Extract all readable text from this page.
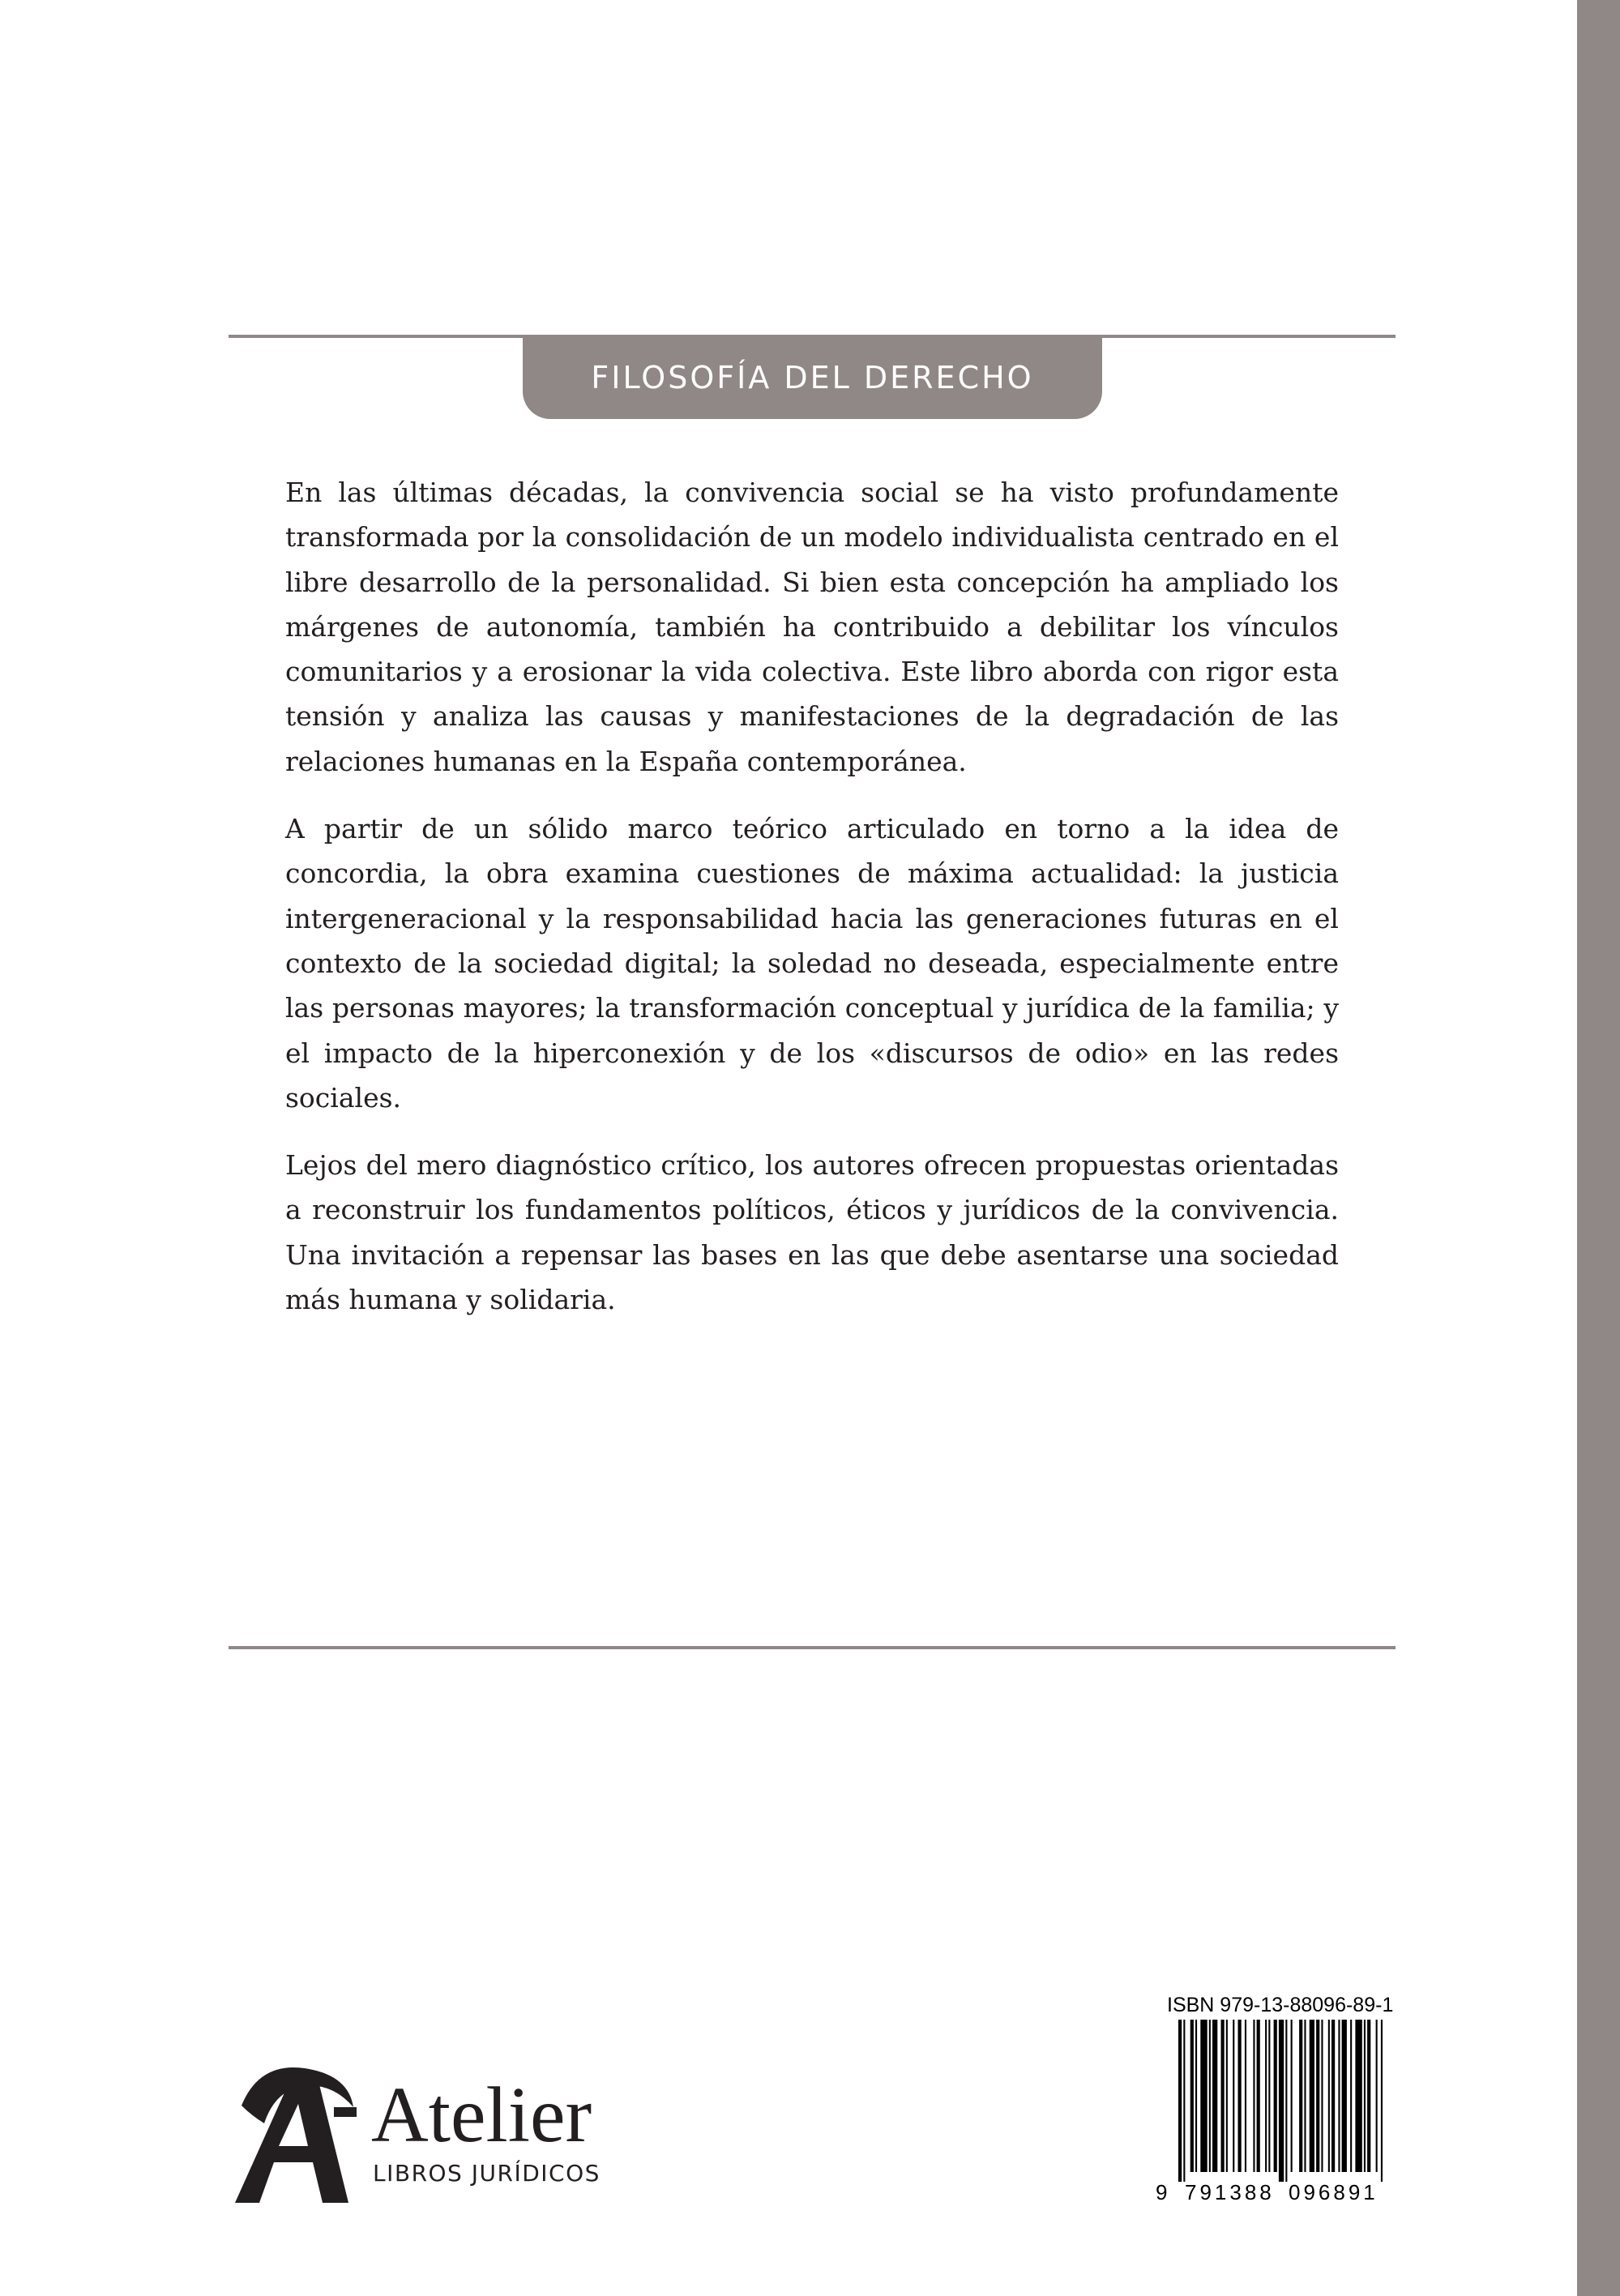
FILOSOFÍA DEL DERECHO

En las últimas décadas, la convivencia social se ha visto profundamente transformada por la consolidación de un modelo individualista centrado en el libre desarrollo de la personalidad. Si bien esta concepción ha ampliado los márgenes de autonomía, también ha contribuido a debilitar los vínculos comunitarios y a erosionar la vida colectiva. Este libro aborda con rigor esta tensión y analiza las causas y manifestaciones de la degradación de las relaciones humanas en la España contemporánea.

A partir de un sólido marco teórico articulado en torno a la idea de concordia, la obra examina cuestiones de máxima actualidad: la justicia intergeneracional y la responsabilidad hacia las generaciones futuras en el contexto de la sociedad digital; la soledad no deseada, especialmente entre las personas mayores; la transformación conceptual y jurídica de la familia; y el impacto de la hiperconexión y de los «discursos de odio» en las redes sociales.

Lejos del mero diagnóstico crítico, los autores ofrecen propuestas orientadas a reconstruir los fundamentos políticos, éticos y jurídicos de la convivencia. Una invitación a repensar las bases en las que debe asentarse una sociedad más humana y solidaria.

Atelier
LIBROS JURÍDICOS
ISBN 979-13-88096-89-1
9 791388 096891
